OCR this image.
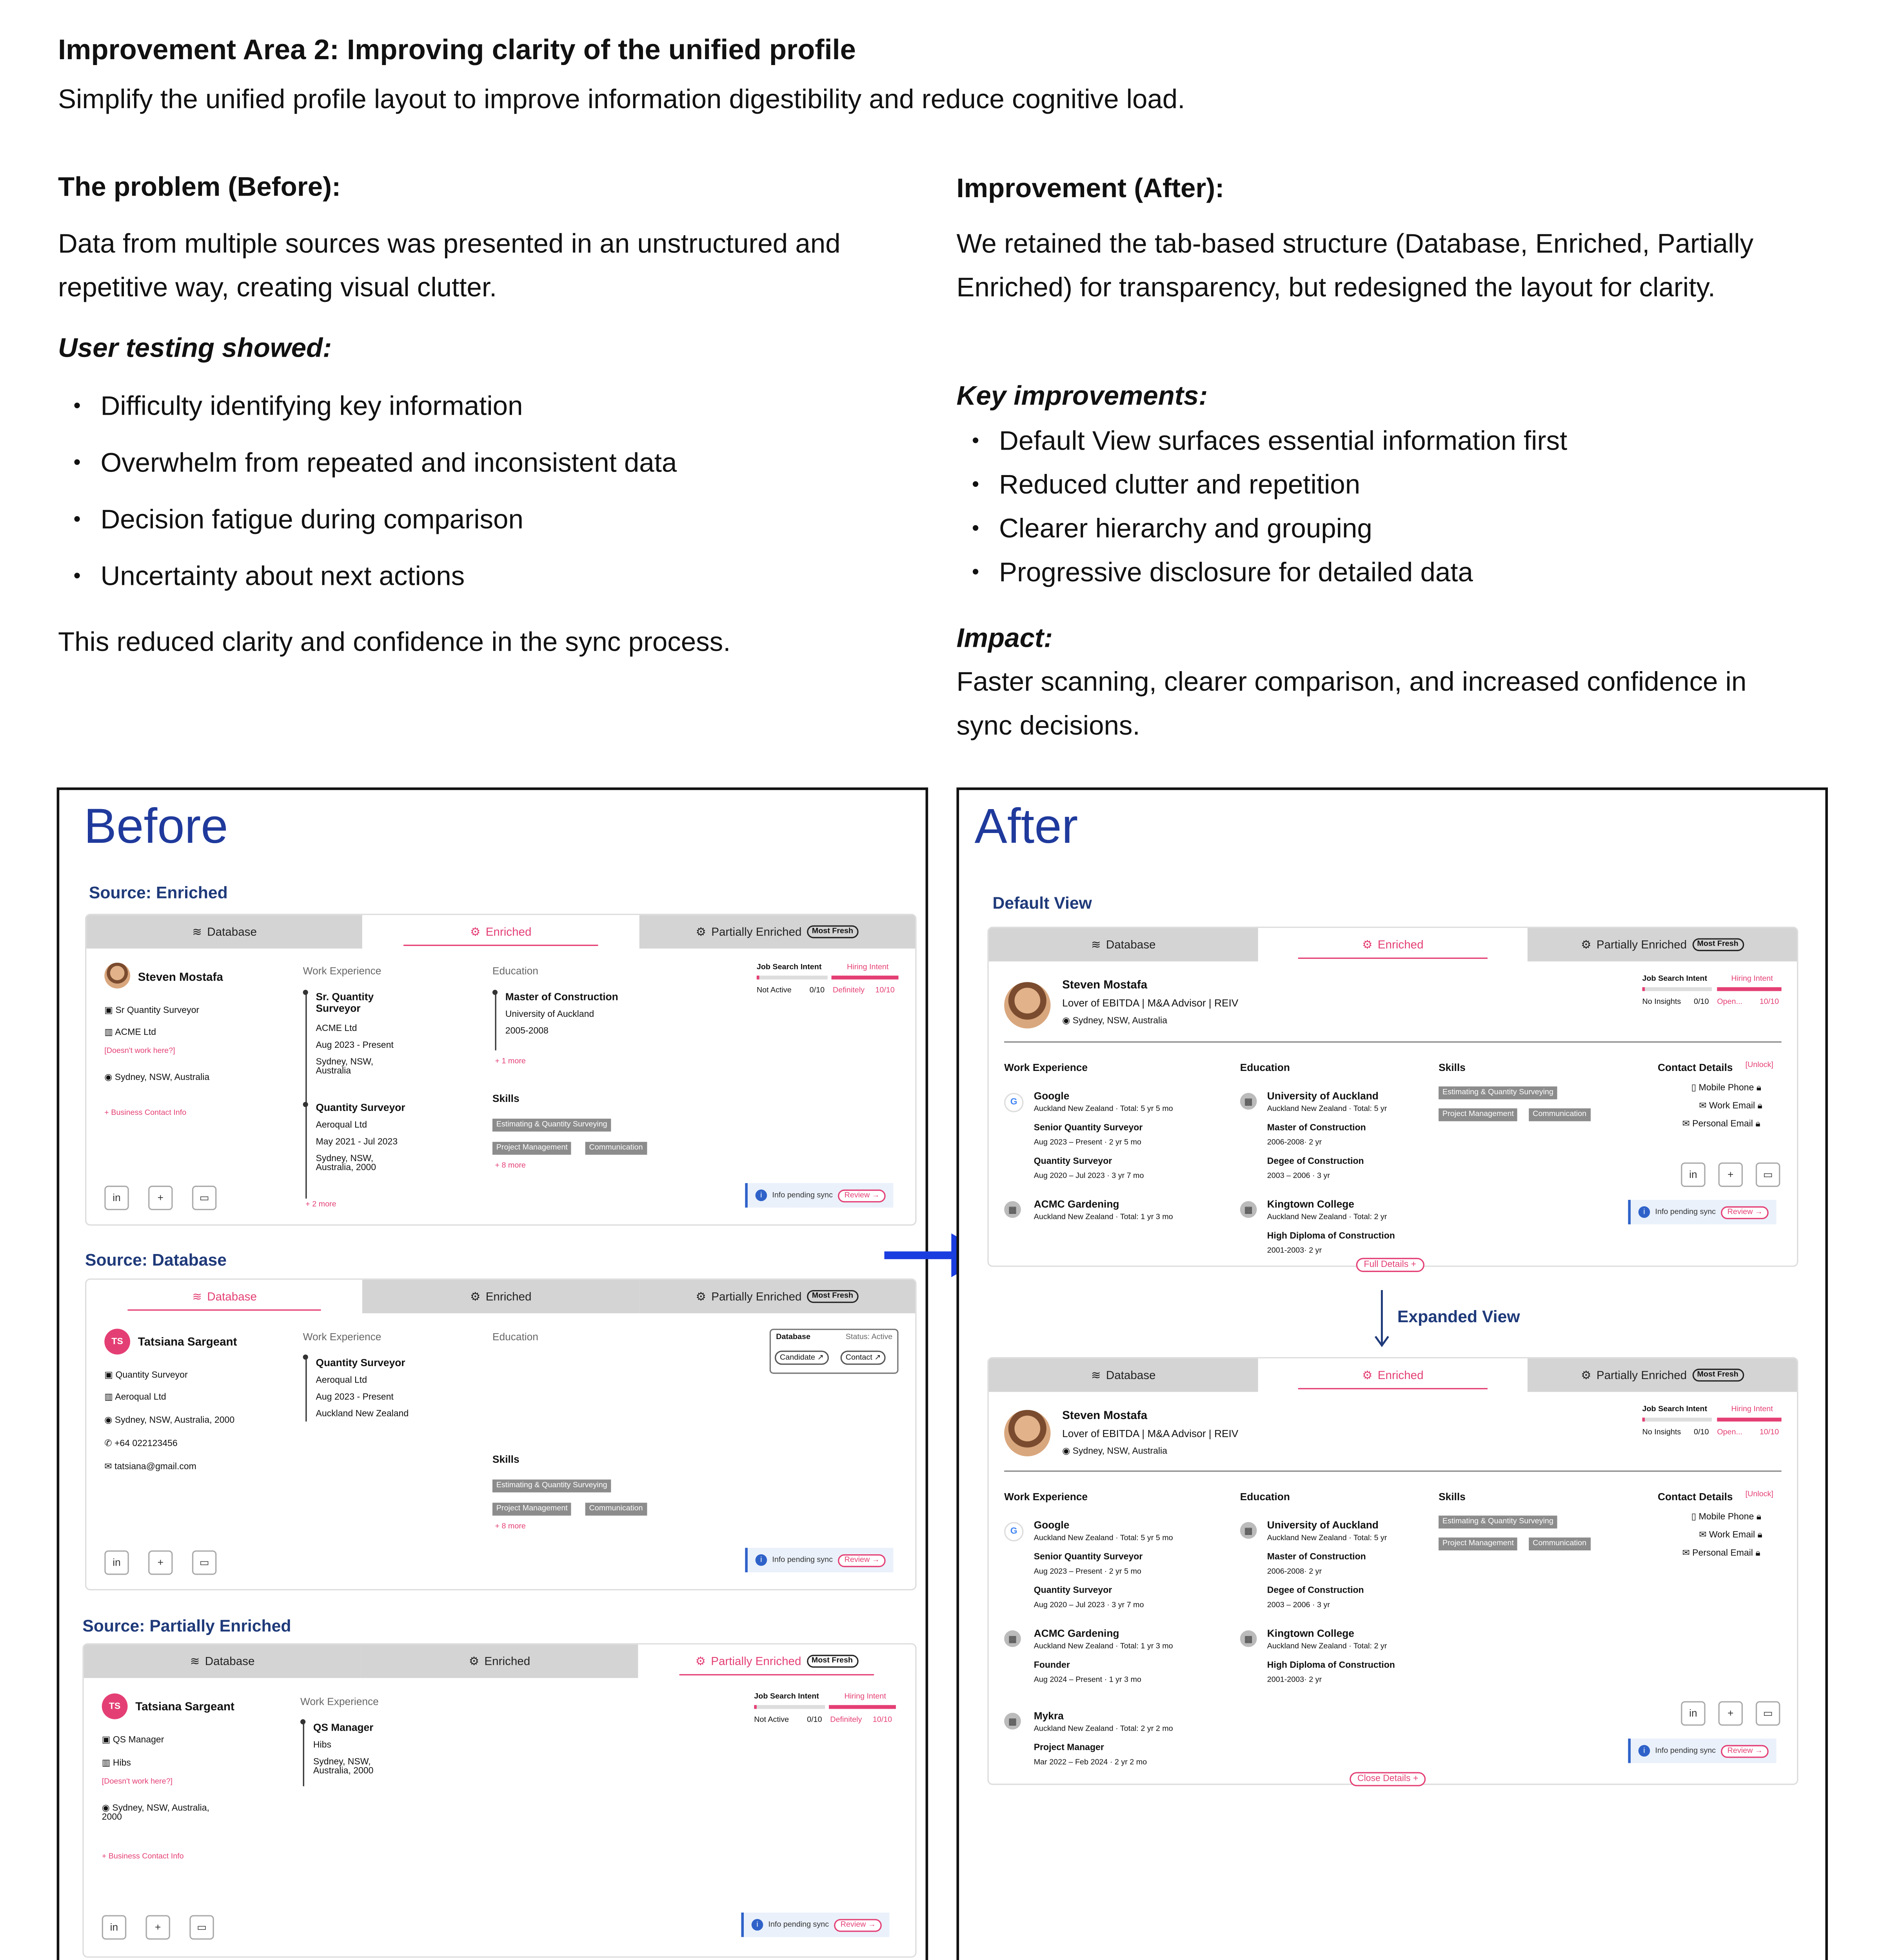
Improvement Area 2: Improving clarity of the unified profile
Simplify the unified profile layout to improve information digestibility and reduce cognitive load.
The problem (Before):
Data from multiple sources was presented in an unstructured and repetitive way, creating visual clutter.
User testing showed:
• Difficulty identifying key information
• Overwhelm from repeated and inconsistent data
• Decision fatigue during comparison
• Uncertainty about next actions
This reduced clarity and confidence in the sync process.
Improvement (After):
We retained the tab-based structure (Database, Enriched, Partially Enriched) for transparency, but redesigned the layout for clarity.
Key improvements:
• Default View surfaces essential information first
• Reduced clutter and repetition
• Clearer hierarchy and grouping
• Progressive disclosure for detailed data
Impact:
Faster scanning, clearer comparison, and increased confidence in sync decisions.
Before
Source: Enriched
≋ Database	⚙ Enriched	⚙ Partially Enriched	Most Fresh
Steven Mostafa
▣ Sr Quantity Surveyor
▥ ACME Ltd
[Doesn't work here?]
◉ Sydney, NSW, Australia
+ Business Contact Info
Work Experience
Sr. Quantity Surveyor
ACME Ltd
Aug 2023 - Present
Sydney, NSW, Australia
Quantity Surveyor
Aeroqual Ltd
May 2021 - Jul 2023
Sydney, NSW, Australia, 2000
+ 2 more
Education
Master of Construction
University of Auckland
2005-2008
+ 1 more
Skills
Estimating & Quantity Surveying
Project Management	Communication
+ 8 more
Job Search Intent	Hiring Intent
Not Active	0/10	Definitely	10/10
in	+	▭	i	Info pending sync	Review →
Source: Database
≋ Database	⚙ Enriched	⚙ Partially Enriched	Most Fresh
TS	Tatsiana Sargeant
▣ Quantity Surveyor
▥ Aeroqual Ltd
◉ Sydney, NSW, Australia, 2000
✆ +64 022123456
✉ tatsiana@gmail.com
Work Experience
Quantity Surveyor
Aeroqual Ltd
Aug 2023 - Present
Auckland New Zealand
Education
Skills
Estimating & Quantity Surveying
Project Management	Communication
+ 8 more
Database	Status: Active
Candidate ↗	Contact ↗
in	+	▭	i	Info pending sync	Review →
Source: Partially Enriched
≋ Database	⚙ Enriched	⚙ Partially Enriched	Most Fresh
TS	Tatsiana Sargeant
▣ QS Manager
▥ Hibs
[Doesn't work here?]
◉ Sydney, NSW, Australia, 2000
+ Business Contact Info
Work Experience
QS Manager
Hibs
Sydney, NSW, Australia, 2000
Job Search Intent	Hiring Intent
Not Active	0/10	Definitely	10/10
in	+	▭	i	Info pending sync	Review →
After
Default View
≋ Database	⚙ Enriched	⚙ Partially Enriched	Most Fresh
Steven Mostafa
Lover of EBITDA | M&A Advisor | REIV
◉ Sydney, NSW, Australia
Job Search Intent	Hiring Intent
No Insights	0/10	Open...	10/10
Work Experience
G
Google
Auckland New Zealand · Total: 5 yr 5 mo
Senior Quantity Surveyor
Aug 2023 – Present · 2 yr 5 mo
Quantity Surveyor
Aug 2020 – Jul 2023 · 3 yr 7 mo
▦
ACMC Gardening
Auckland New Zealand · Total: 1 yr 3 mo
Education
▦
University of Auckland
Auckland New Zealand · Total: 5 yr
Master of Construction
2006-2008· 2 yr
Degee of Construction
2003 – 2006 · 3 yr
▦
Kingtown College
Auckland New Zealand · Total: 2 yr
High Diploma of Construction
2001-2003· 2 yr
Skills
Estimating & Quantity Surveying
Project Management	Communication
Contact Details	[Unlock]
▯ Mobile Phone 🔒︎
✉ Work Email 🔒︎
✉ Personal Email 🔒︎
in	+	▭
i	Info pending sync	Review →
Full Details +
Expanded View
≋ Database	⚙ Enriched	⚙ Partially Enriched	Most Fresh
Steven Mostafa
Lover of EBITDA | M&A Advisor | REIV
◉ Sydney, NSW, Australia
Job Search Intent	Hiring Intent
No Insights	0/10	Open...	10/10
Work Experience
G
Google
Auckland New Zealand · Total: 5 yr 5 mo
Senior Quantity Surveyor
Aug 2023 – Present · 2 yr 5 mo
Quantity Surveyor
Aug 2020 – Jul 2023 · 3 yr 7 mo
▦
ACMC Gardening
Auckland New Zealand · Total: 1 yr 3 mo
Founder
Aug 2024 – Present · 1 yr 3 mo
▦	Mykra
Auckland New Zealand · Total: 2 yr 2 mo
Project Manager
Mar 2022 – Feb 2024 · 2 yr 2 mo
Education
▦	University of Auckland
Auckland New Zealand · Total: 5 yr
Master of Construction
2006-2008· 2 yr
Degee of Construction
2003 – 2006 · 3 yr
▦
Kingtown College
Auckland New Zealand · Total: 2 yr
High Diploma of Construction
2001-2003· 2 yr
Skills
Estimating & Quantity Surveying
Project Management	Communication
Contact Details	[Unlock]
▯ Mobile Phone 🔒︎
✉ Work Email 🔒︎
✉ Personal Email 🔒︎
in	+	▭
i	Info pending sync	Review →
Close Details +
